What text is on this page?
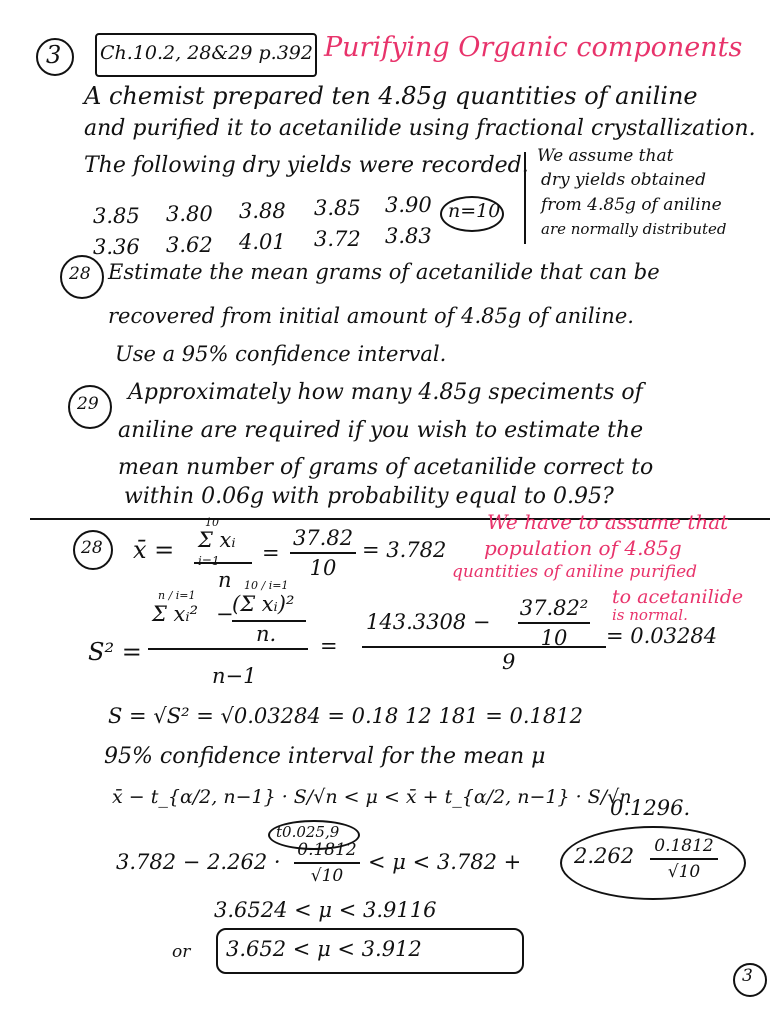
3 Ch.10.2, 28&29 p.392 Purifying Organic components
A chemist prepared ten 4.85g quantities of aniline
and purified it to acetanilide using fractional crystallization.
The following dry yields were recorded.
3.85 3.80 3.88 3.85 3.90
3.36 3.62 4.01 3.72 3.83
n=10
We assume that
dry yields obtained
from 4.85g of aniline
are normally distributed
28 Estimate the mean grams of acetanilide that can be
recovered from initial amount of 4.85g of aniline.
Use a 95% confidence interval.
29 Approximately how many 4.85g speciments of
aniline are required if you wish to estimate the
mean number of grams of acetanilide correct to
within 0.06g with probability equal to 0.95?
28 x̄ =
10
Σ xᵢ
i=1
n
=
37.82
10
= 3.782
We have to assume that
population of 4.85g
quantities of aniline purified
to acetanilide
is normal.
S² =
n / i=1
Σ xᵢ² −
10 / i=1
(Σ xᵢ)²
n.
n−1
=
143.3308 −
37.82²
10
9
= 0.03284
S = √S² = √0.03284 = 0.18 12 181 = 0.1812
95% confidence interval for the mean μ
x̄ − t_{α/2, n−1} · S/√n < μ < x̄ + t_{α/2, n−1} · S/√n
t0.025,9
0.1296.
3.782 − 2.262 · 0.1812
√10
< μ < 3.782 +	2.262 0.1812
√10
3.6524 < μ < 3.9116
or 3.652 < μ < 3.912
3
